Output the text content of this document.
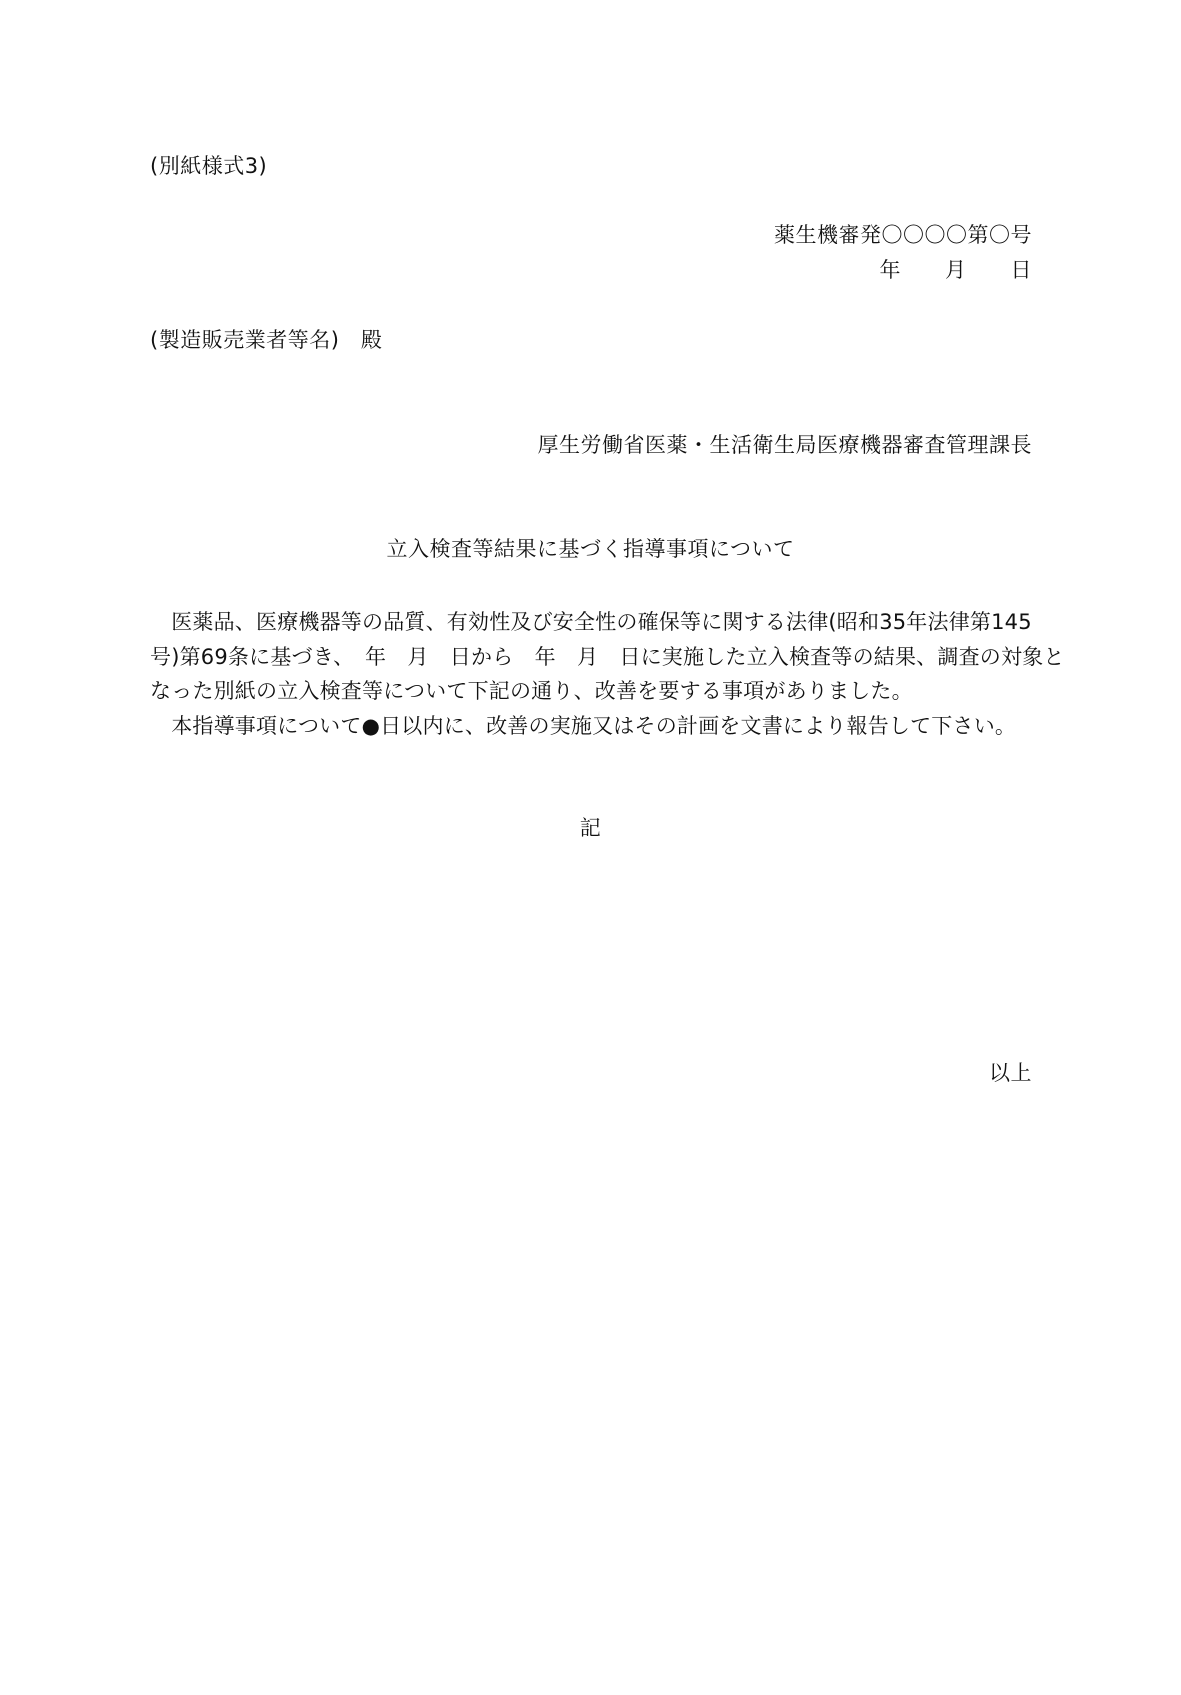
(別紙様式3)
薬生機審発〇〇〇〇第〇号
年 月 日
(製造販売業者等名)　殿
厚生労働省医薬・生活衛生局医療機器審査管理課長
立入検査等結果に基づく指導事項について

　医薬品、医療機器等の品質、有効性及び安全性の確保等に関する法律(昭和35年法律第145

号)第69条に基づき、　年　月　日から　年　月　日に実施した立入検査等の結果、調査の対象と

なった別紙の立入検査等について下記の通り、改善を要する事項がありました。

　本指導事項について●日以内に、改善の実施又はその計画を文書により報告して下さい。

記
以上
